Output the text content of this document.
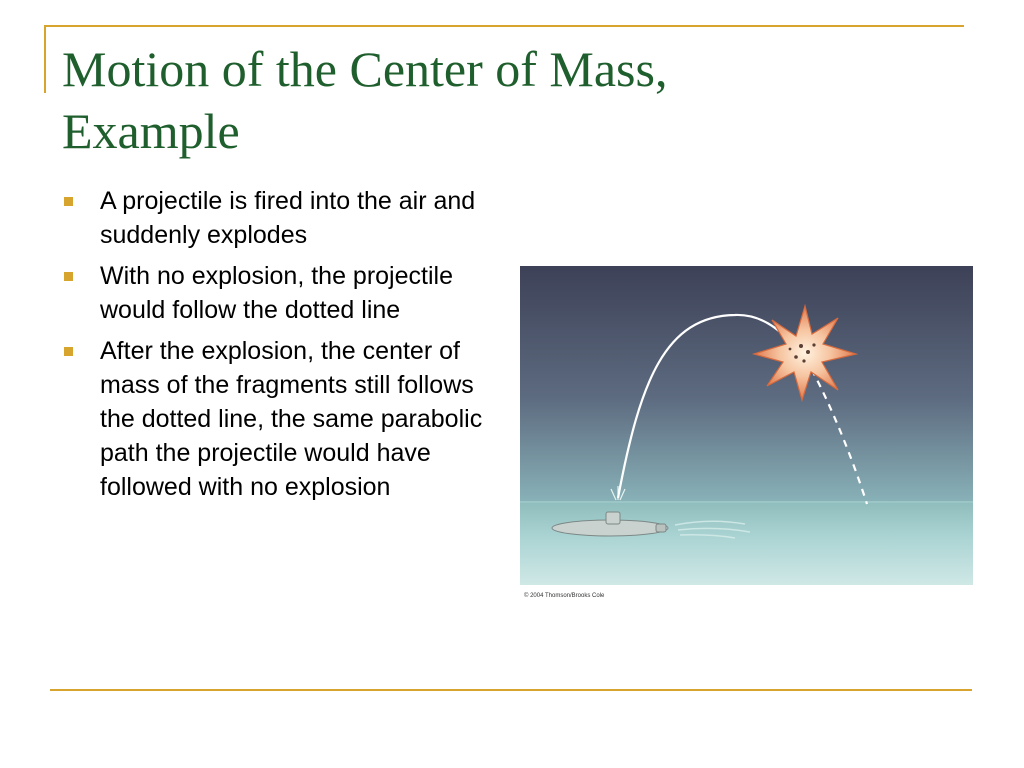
Motion of the Center of Mass,
Example
A projectile is fired into the air and suddenly explodes
With no explosion, the projectile would follow the dotted line
After the explosion, the center of mass of the fragments still follows the dotted line, the same parabolic path the projectile would have followed with no explosion
© 2004 Thomson/Brooks Cole
